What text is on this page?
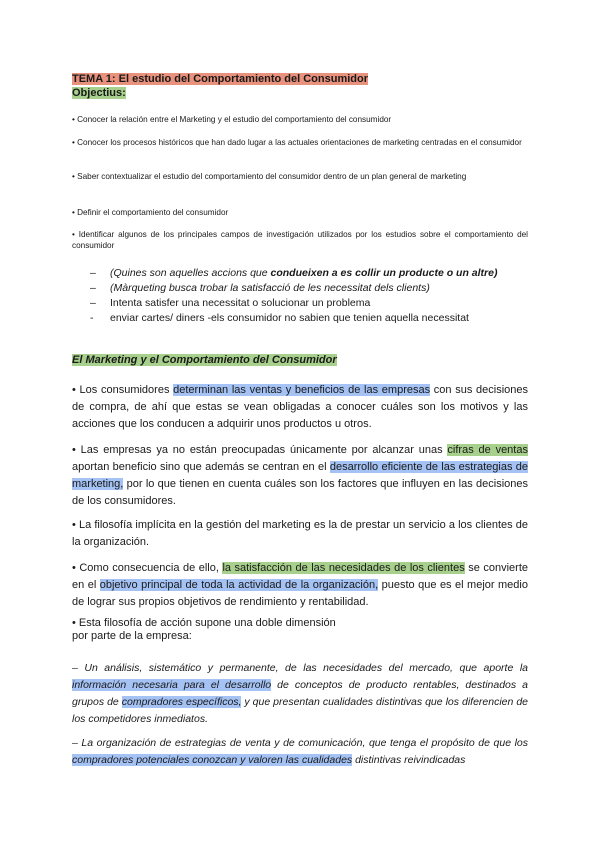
TEMA 1: El estudio del Comportamiento del Consumidor
Objectius:

• Conocer la relación entre el Marketing y el estudio del comportamiento del consumidor

• Conocer los procesos históricos que han dado lugar a las actuales orientaciones de marketing centradas en el consumidor

• Saber contextualizar el estudio del comportamiento del consumidor dentro de un plan general de marketing

• Definir el comportamiento del consumidor

• Identificar algunos de los principales campos de investigación utilizados por los estudios sobre el comportamiento del consumidor

– (Quines son aquelles accions que condueixen a es collir un producte o un altre)
– (Màrqueting busca trobar la satisfacció de les necessitat dels clients)
– Intenta satisfer una necessitat o solucionar un problema
- enviar cartes/ diners -els consumidor no sabien que tenien aquella necessitat
El Marketing y el Comportamiento del Consumidor

• Los consumidores determinan las ventas y beneficios de las empresas con sus decisiones de compra, de ahí que estas se vean obligadas a conocer cuáles son los motivos y las acciones que los conducen a adquirir unos productos u otros.

• Las empresas ya no están preocupadas únicamente por alcanzar unas cifras de ventas aportan beneficio sino que además se centran en el desarrollo eficiente de las estrategias de marketing, por lo que tienen en cuenta cuáles son los factores que influyen en las decisiones de los consumidores.

• La filosofía implícita en la gestión del marketing es la de prestar un servicio a los clientes de la organización.

• Como consecuencia de ello, la satisfacción de las necesidades de los clientes se convierte en el objetivo principal de toda la actividad de la organización, puesto que es el mejor medio de lograr sus propios objetivos de rendimiento y rentabilidad.

• Esta filosofía de acción supone una doble dimensión
por parte de la empresa:

– Un análisis, sistemático y permanente, de las necesidades del mercado, que aporte la información necesaria para el desarrollo de conceptos de producto rentables, destinados a grupos de compradores específicos, y que presentan cualidades distintivas que los diferencien de los competidores inmediatos.

– La organización de estrategias de venta y de comunicación, que tenga el propósito de que los compradores potenciales conozcan y valoren las cualidades distintivas reivindicadas
